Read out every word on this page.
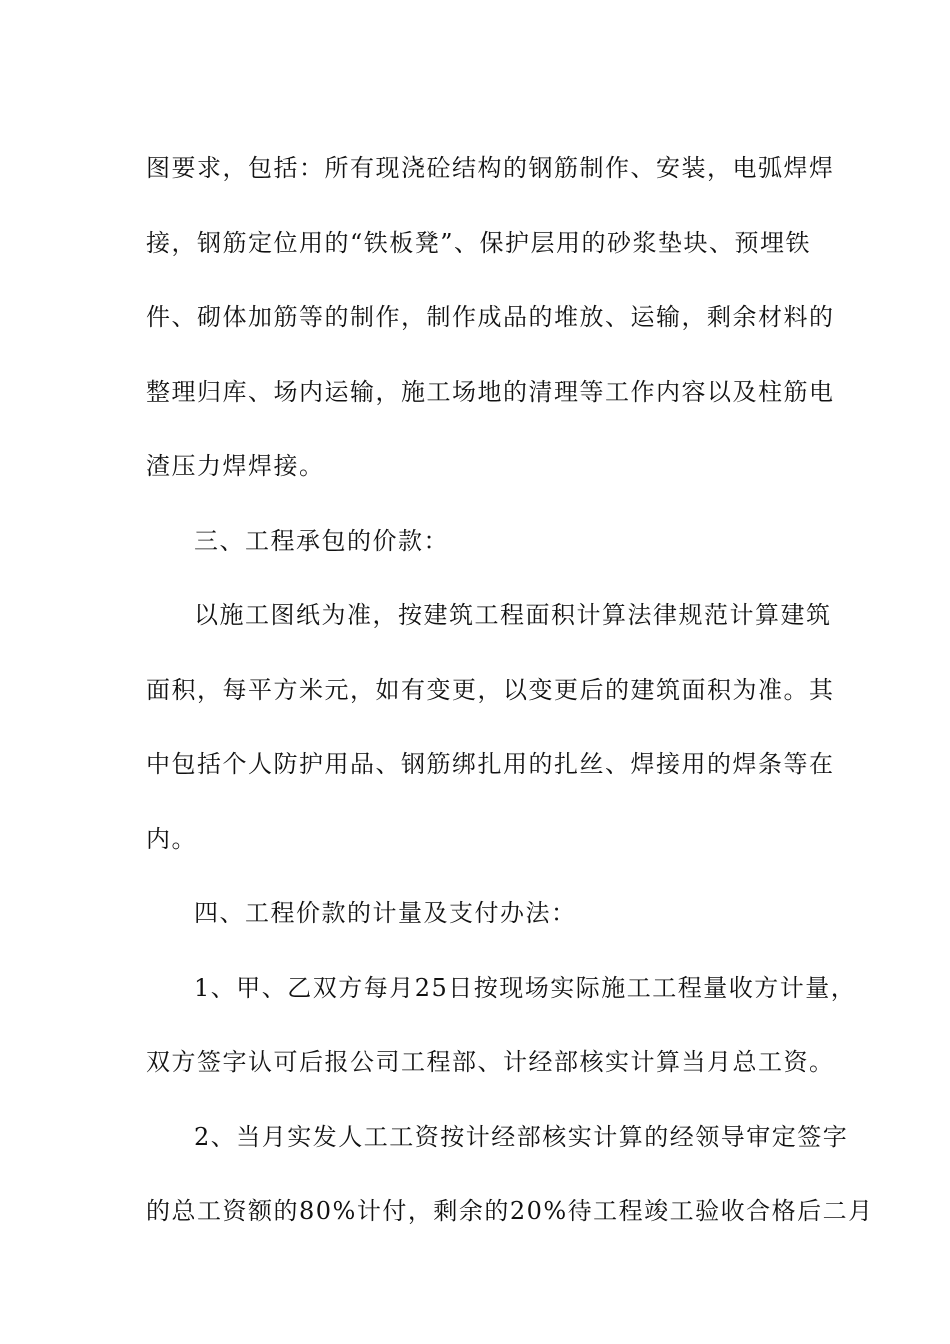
图要求，包括：所有现浇砼结构的钢筋制作、安装，电弧焊焊
接，钢筋定位用的“铁板凳”、保护层用的砂浆垫块、预埋铁
件、砌体加筋等的制作，制作成品的堆放、运输，剩余材料的
整理归库、场内运输，施工场地的清理等工作内容以及柱筋电
渣压力焊焊接。
三、工程承包的价款：
以施工图纸为准，按建筑工程面积计算法律规范计算建筑
面积，每平方米元，如有变更，以变更后的建筑面积为准。其
中包括个人防护用品、钢筋绑扎用的扎丝、焊接用的焊条等在
内。
四、工程价款的计量及支付办法：
1、甲、乙双方每月25日按现场实际施工工程量收方计量，
双方签字认可后报公司工程部、计经部核实计算当月总工资。
2、当月实发人工工资按计经部核实计算的经领导审定签字
的总工资额的80%计付，剩余的20%待工程竣工验收合格后二月
